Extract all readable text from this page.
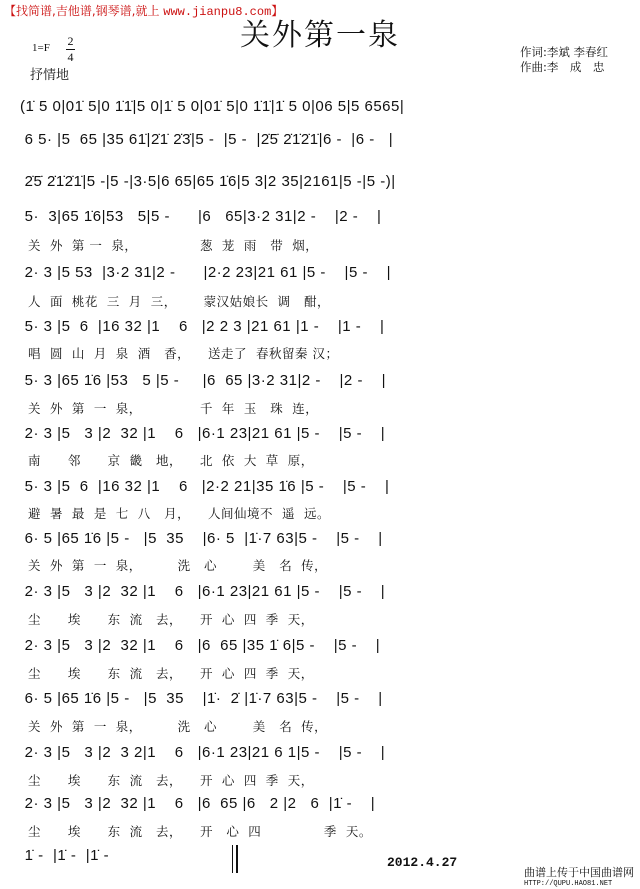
【找简谱,吉他谱,钢琴谱,就上 www.jianpu8.com】
关外第一泉
1=F 2
4
抒情地
作词:李斌 李春红
作曲:李　成　忠
(1̇ 5 0|01̇ 5|0 1̇1̇|5 0|1̇ 5 0|01̇ 5|0 1̇1̇|1̇ 5 0|06 5|5 6565|
6 5· |5  65 |35 61̇|2̇1̇ 2̇3̇|5 -  |5 -  |2̇5̇ 2̇1̇2̇1̇|6 -  |6 -   |
2̇5̇ 2̇1̇2̇1̇|5 -|5 -|3·5|6 65|65 1̇6|5 3|2 35|2161|5 -|5 -)|
5·  3|65 1̇6|53   5|5 -      |6   65|3·2 31|2 -    |2 -    |
关  外  第 一  泉，              葱  茏  雨   带  烟，
2· 3 |5 53  |3·2 31|2 -      |2·2 23|21 61 |5 -    |5 -    |
人  面  桃花  三  月  三，      蒙汉姑娘长  调   酣，
5· 3 |5  6  |16 32 |1    6   |2 2 3 |21 61 |1 -    |1 -    |
唱  圆  山  月  泉  酒   香，    送走了  春秋留秦 汉；
5· 3 |65 1̇6 |53   5 |5 -     |6  65 |3·2 31|2 -    |2 -    |
关  外  第  一  泉，             千  年  玉   珠  连，
2· 3 |5   3 |2  32 |1    6   |6·1 23|21 61 |5 -    |5 -    |
南      邻      京  畿   地，    北  依  大  草  原，
5· 3 |5  6  |16 32 |1    6   |2·2 21|35 1̇6 |5 -    |5 -    |
避  暑  最  是  七  八   月，    人间仙境不  遥  远。
6· 5 |65 1̇6 |5 -   |5  35    |6· 5  |1̇·7 63|5 -    |5 -    |
关  外  第  一  泉，        洗   心        美   名  传，
2· 3 |5   3 |2  32 |1    6   |6·1 23|21 61 |5 -    |5 -    |
尘      埃      东  流   去，    开  心  四  季  天，
2· 3 |5   3 |2  32 |1    6   |6  65 |35 1̇ 6|5 -    |5 -    |
尘      埃      东  流   去，    开  心  四  季  天，
6· 5 |65 1̇6 |5 -   |5  35    |1̇·  2̇ |1̇·7 63|5 -    |5 -    |
关  外  第  一  泉，        洗   心        美   名  传，
2· 3 |5   3 |2  3 2|1    6   |6·1 23|21 6 1|5 -    |5 -    |
尘      埃      东  流   去，    开  心  四  季  天，
2· 3 |5   3 |2  32 |1    6   |6  65 |6   2 |2   6  |1̇ -    |
尘      埃      东  流   去，    开   心  四              季  天。
1̇ -  |1̇ -  |1̇ -	2012.4.27
曲谱上传于中国曲谱网
HTTP://QUPU.HAO81.NET
